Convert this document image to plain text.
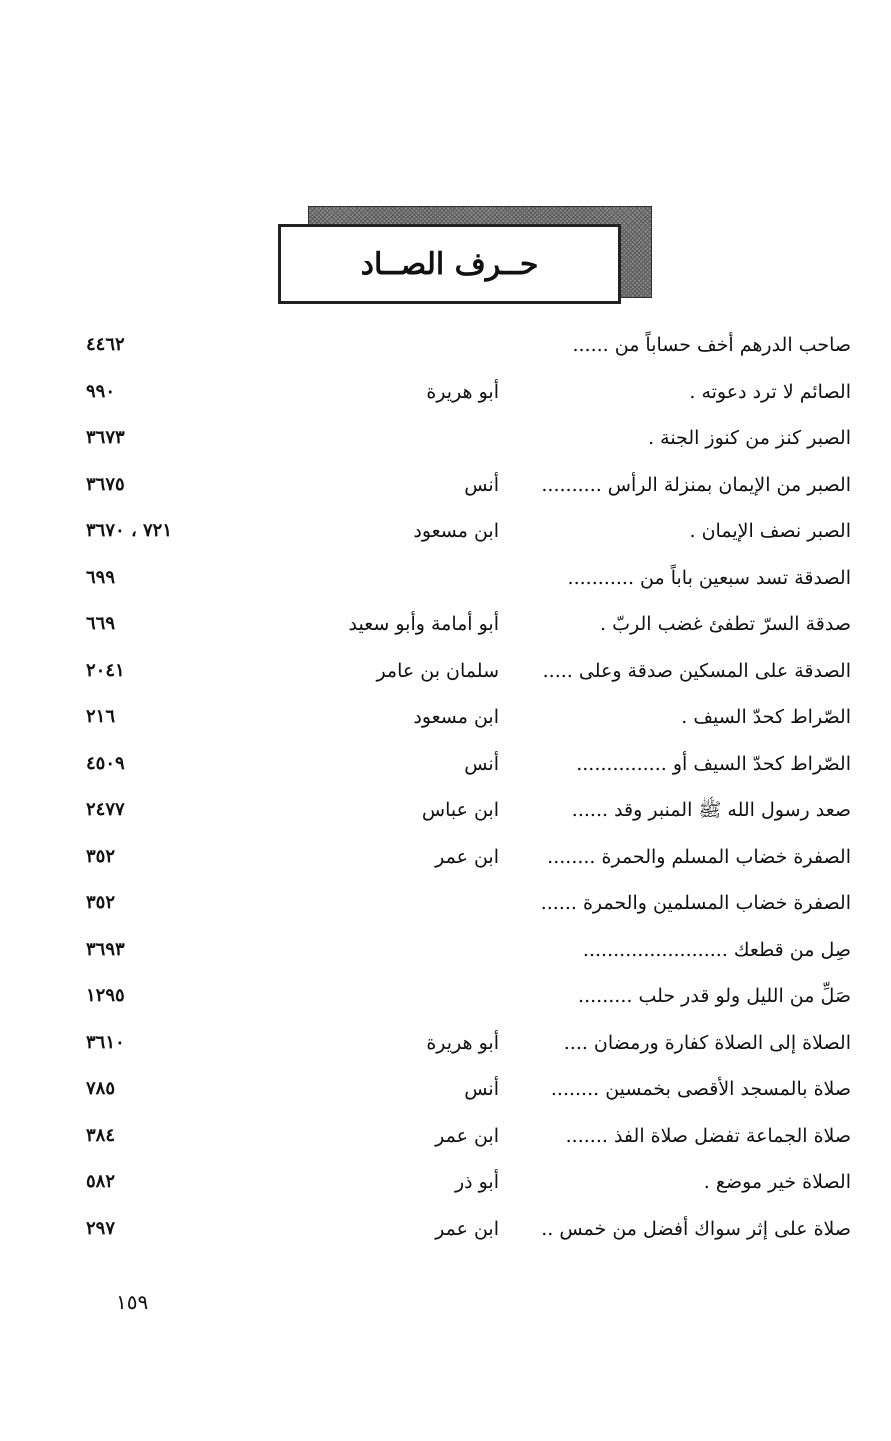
حــرف الصــاد
صاحب الدرهم أخف حساباً من ......
٤٤٦٢
الصائم لا ترد دعوته .
أبو هريرة
٩٩٠
الصبر كنز من كنوز الجنة .
٣٦٧٣
الصبر من الإيمان بمنزلة الرأس ..........
أنس
٣٦٧٥
الصبر نصف الإيمان .
ابن مسعود
٧٢١ ، ٣٦٧٠
الصدقة تسد سبعين باباً من ...........
٦٩٩
صدقة السرّ تطفئ غضب الربّ .
أبو أمامة وأبو سعيد
٦٦٩
الصدقة على المسكين صدقة وعلى .....
سلمان بن عامر
٢٠٤١
الصّراط كحدّ السيف .
ابن مسعود
٢١٦
الصّراط كحدّ السيف أو ...............
أنس
٤٥٠٩
صعد رسول الله ﷺ المنبر وقد ......
ابن عباس
٢٤٧٧
الصفرة خضاب المسلم والحمرة ........
ابن عمر
٣٥٢
الصفرة خضاب المسلمين والحمرة ......
٣٥٢
صِل من قطعك ........................
٣٦٩٣
صَلِّ من الليل ولو قدر حلب .........
١٢٩٥
الصلاة إلى الصلاة كفارة ورمضان ....
أبو هريرة
٣٦١٠
صلاة بالمسجد الأقصى بخمسين ........
أنس
٧٨٥
صلاة الجماعة تفضل صلاة الفذ .......
ابن عمر
٣٨٤
الصلاة خير موضع .
أبو ذر
٥٨٢
صلاة على إثر سواك أفضل من خمس ..
ابن عمر
٢٩٧
١٥٩
